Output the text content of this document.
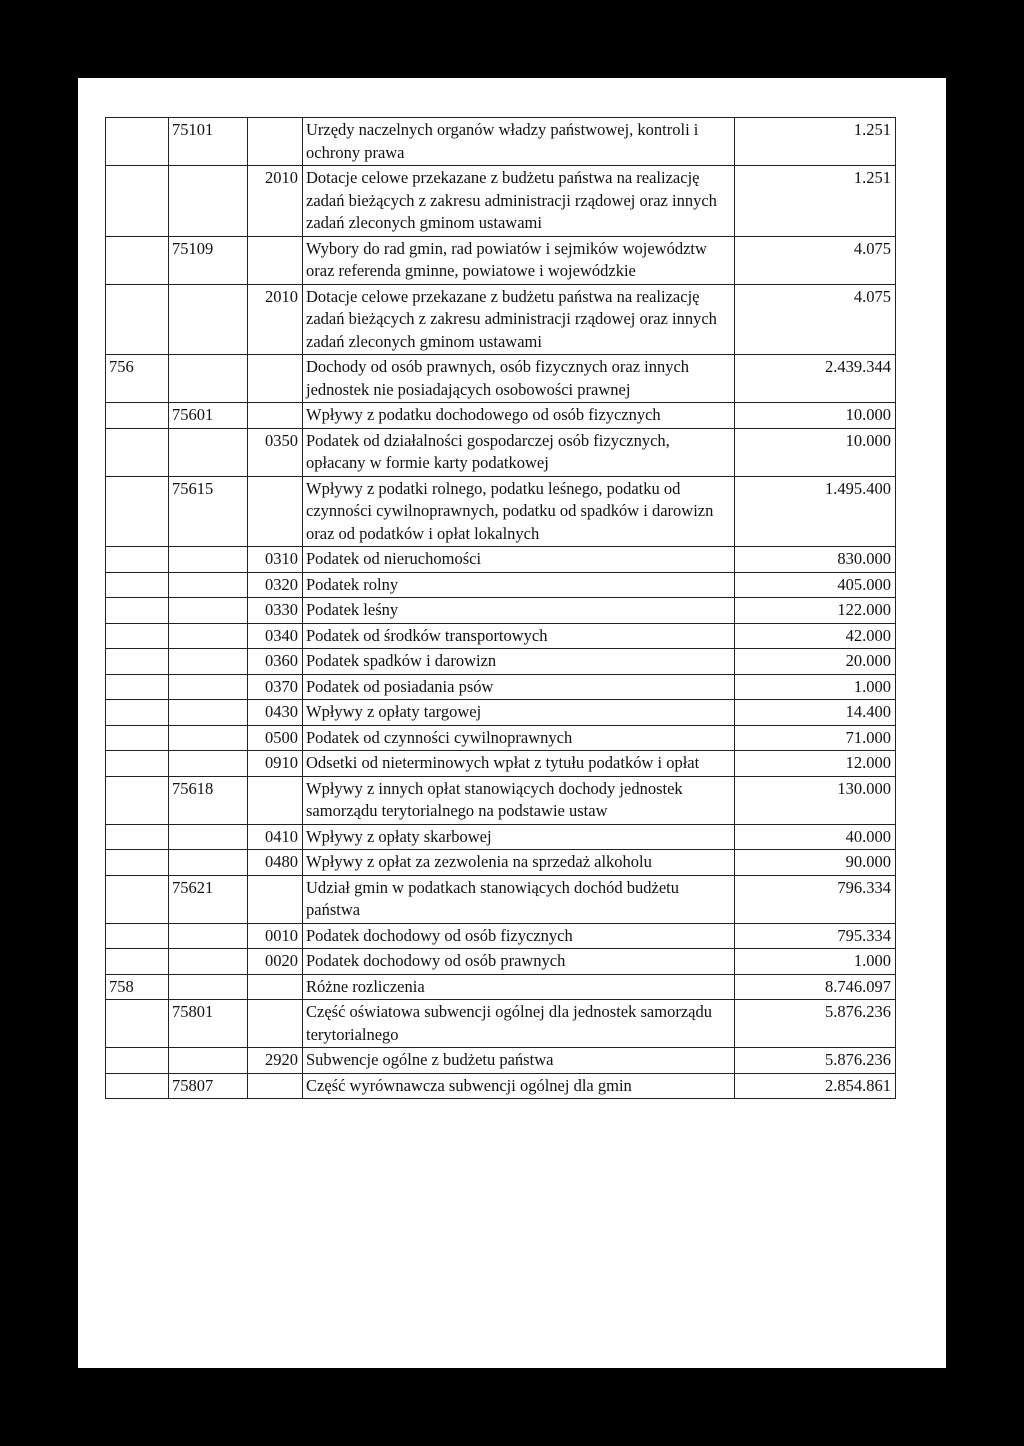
	75101		Urzędy naczelnych organów władzy państwowej, kontroli i ochrony prawa	1.251
		2010	Dotacje celowe przekazane z budżetu państwa na realizację zadań bieżących z zakresu administracji rządowej oraz innych zadań zleconych gminom ustawami	1.251
	75109		Wybory do rad gmin, rad powiatów i sejmików województw oraz referenda gminne, powiatowe i wojewódzkie	4.075
		2010	Dotacje celowe przekazane z budżetu państwa na realizację zadań bieżących z zakresu administracji rządowej oraz innych zadań zleconych gminom ustawami	4.075
756			Dochody od osób prawnych, osób fizycznych oraz innych jednostek nie posiadających osobowości prawnej	2.439.344
	75601		Wpływy z podatku dochodowego od osób fizycznych	10.000
		0350	Podatek od działalności gospodarczej osób fizycznych, opłacany w formie karty podatkowej	10.000
	75615		Wpływy z podatki rolnego, podatku leśnego, podatku od czynności cywilnoprawnych, podatku od spadków i darowizn oraz od podatków i opłat lokalnych	1.495.400
		0310	Podatek od nieruchomości	830.000
		0320	Podatek rolny	405.000
		0330	Podatek leśny	122.000
		0340	Podatek od środków transportowych	42.000
		0360	Podatek spadków i darowizn	20.000
		0370	Podatek od posiadania psów	1.000
		0430	Wpływy z opłaty targowej	14.400
		0500	Podatek od czynności cywilnoprawnych	71.000
		0910	Odsetki od nieterminowych wpłat z tytułu podatków i opłat	12.000
	75618		Wpływy z innych opłat stanowiących dochody jednostek samorządu terytorialnego na podstawie ustaw	130.000
		0410	Wpływy z opłaty skarbowej	40.000
		0480	Wpływy z opłat za zezwolenia na sprzedaż alkoholu	90.000
	75621		Udział gmin w podatkach stanowiących dochód budżetu państwa	796.334
		0010	Podatek dochodowy od osób fizycznych	795.334
		0020	Podatek dochodowy od osób prawnych	1.000
758			Różne rozliczenia	8.746.097
	75801		Część oświatowa subwencji ogólnej dla jednostek samorządu terytorialnego	5.876.236
		2920	Subwencje ogólne z budżetu państwa	5.876.236
	75807		Część wyrównawcza subwencji ogólnej dla gmin	2.854.861
